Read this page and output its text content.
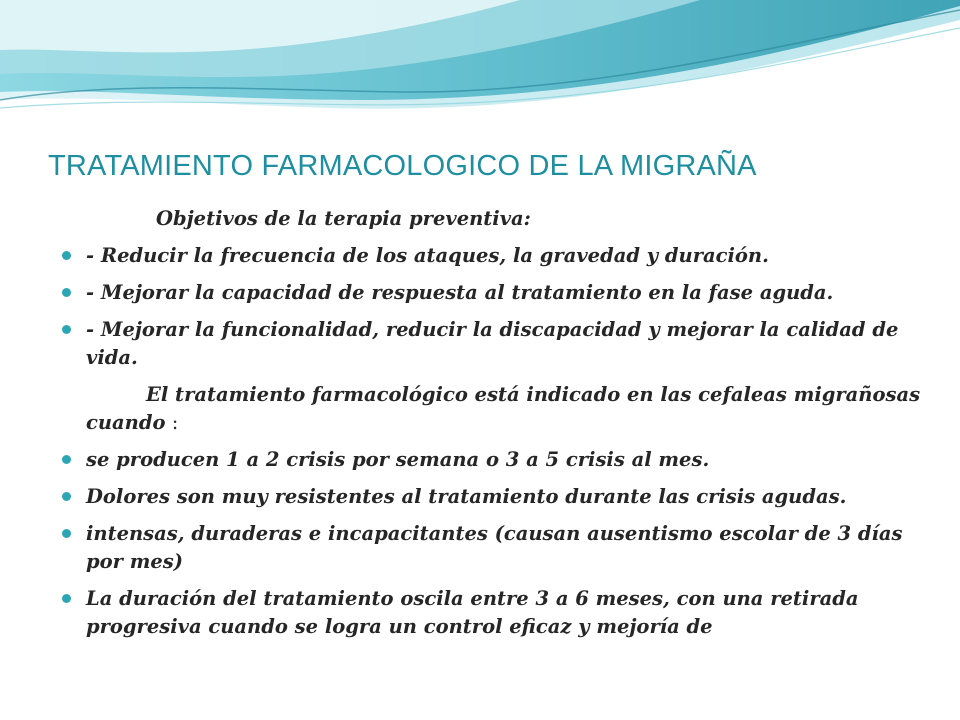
TRATAMIENTO FARMACOLOGICO DE LA MIGRAÑA
Objetivos de la terapia preventiva:
- Reducir la frecuencia de los ataques, la gravedad y duración.
- Mejorar la capacidad de respuesta al tratamiento en la fase aguda.
- Mejorar la funcionalidad, reducir la discapacidad y mejorar la calidad de vida.
El tratamiento farmacológico está indicado en las cefaleas migrañosas cuando :
se producen 1 a 2 crisis por semana o 3 a 5 crisis al mes.
Dolores son muy resistentes al tratamiento durante las crisis agudas.
intensas, duraderas e incapacitantes (causan ausentismo escolar de 3 días por mes)
La duración del tratamiento oscila entre 3 a 6 meses, con una retirada progresiva cuando se logra un control eficaz y mejoría de
